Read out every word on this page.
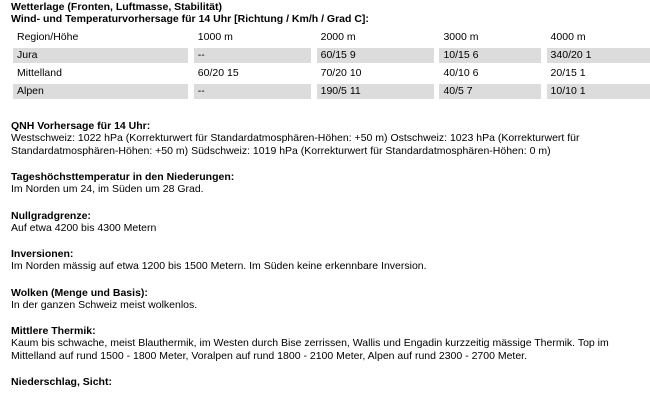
Wetterlage (Fronten, Luftmasse, Stabilität)
Wind- und Temperaturvorhersage für 14 Uhr [Richtung / Km/h / Grad C]:
Region/Höhe		1000 m		2000 m		3000 m		4000 m
Jura		--		60/15 9		10/15 6		340/20 1
Mittelland		60/20 15		70/20 10		40/10 6		20/15 1
Alpen		--		190/5 11		40/5 7		10/10 1
QNH Vorhersage für 14 Uhr:
Westschweiz: 1022 hPa (Korrekturwert für Standardatmosphären-Höhen: +50 m) Ostschweiz: 1023 hPa (Korrekturwert für Standardatmosphären-Höhen: +50 m) Südschweiz: 1019 hPa (Korrekturwert für Standardatmosphären-Höhen: 0 m)
Tageshöchsttemperatur in den Niederungen:
Im Norden um 24, im Süden um 28 Grad.
Nullgradgrenze:
Auf etwa 4200 bis 4300 Metern
Inversionen:
Im Norden mässig auf etwa 1200 bis 1500 Metern. Im Süden keine erkennbare Inversion.
Wolken (Menge und Basis):
In der ganzen Schweiz meist wolkenlos.
Mittlere Thermik:
Kaum bis schwache, meist Blauthermik, im Westen durch Bise zerrissen, Wallis und Engadin kurzzeitig mässige Thermik. Top im Mittelland auf rund 1500 - 1800 Meter, Voralpen auf rund 1800 - 2100 Meter, Alpen auf rund 2300 - 2700 Meter.
Niederschlag, Sicht:
